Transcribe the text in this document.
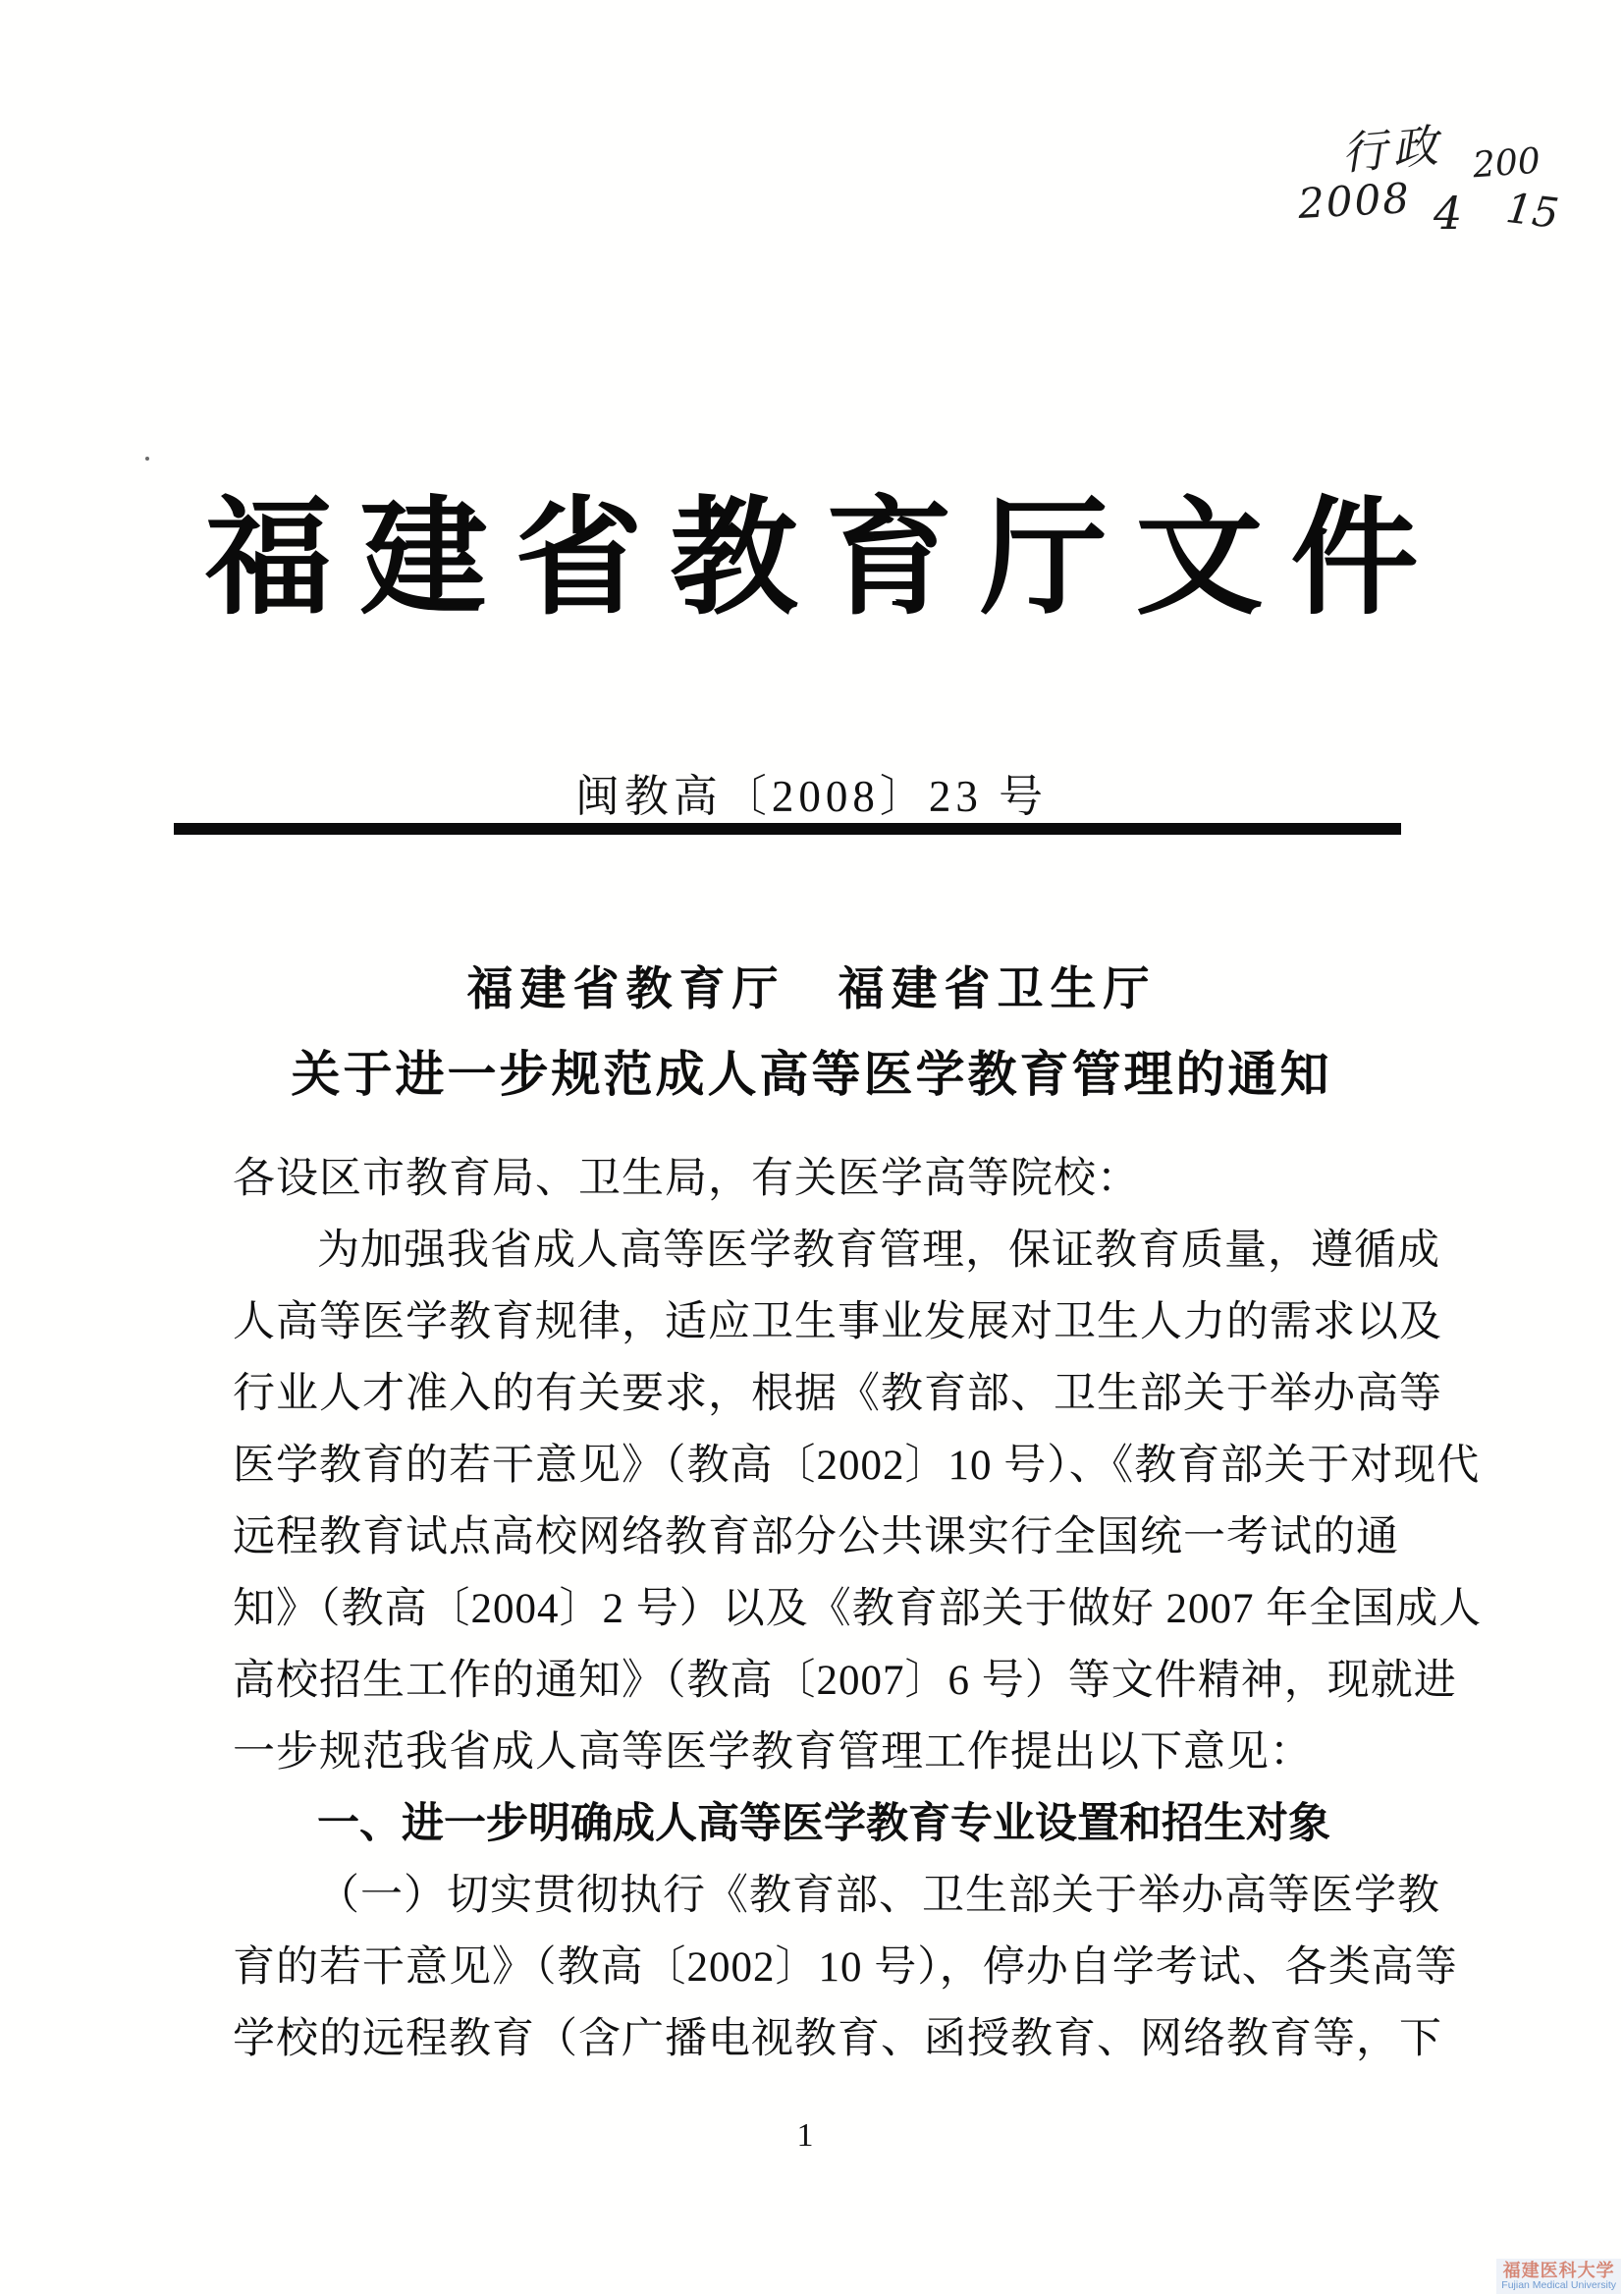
行政 200
2008 4 15
福建省教育厅文件
闽教高〔2008〕23 号
福建省教育厅　福建省卫生厅
关于进一步规范成人高等医学教育管理的通知
各设区市教育局、卫生局，有关医学高等院校：
为加强我省成人高等医学教育管理，保证教育质量，遵循成
人高等医学教育规律，适应卫生事业发展对卫生人力的需求以及
行业人才准入的有关要求，根据《教育部、卫生部关于举办高等
医学教育的若干意见》（教高〔2002〕10 号）、《教育部关于对现代
远程教育试点高校网络教育部分公共课实行全国统一考试的通
知》（教高〔2004〕2 号）以及《教育部关于做好 2007 年全国成人
高校招生工作的通知》（教高〔2007〕6 号）等文件精神，现就进
一步规范我省成人高等医学教育管理工作提出以下意见：
一、进一步明确成人高等医学教育专业设置和招生对象
（一）切实贯彻执行《教育部、卫生部关于举办高等医学教
育的若干意见》（教高〔2002〕10 号），停办自学考试、各类高等
学校的远程教育（含广播电视教育、函授教育、网络教育等，下
1
福建医科大学
Fujian Medical University
